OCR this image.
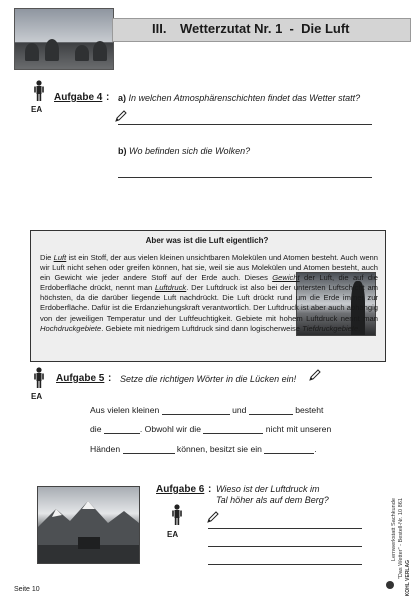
III. Wetterzutat Nr. 1  -  Die Luft
EA
Aufgabe 4 : a) In welchen Atmosphärenschichten findet das Wetter statt?
b) Wo befinden sich die Wolken?
Aber was ist die Luft eigentlich?
Die Luft ist ein Stoff, der aus vielen kleinen unsichtbaren Molekülen und Atomen besteht. Auch wenn wir Luft nicht sehen oder greifen können, hat sie, weil sie aus Molekülen und Atomen besteht, auch ein Gewicht wie jeder andere Stoff auf der Erde auch. Dieses Gewicht der Luft, die auf die Erdoberfläche drückt, nennt man Luftdruck. Der Luftdruck ist also bei der untersten Luftschicht am höchsten, da die darüber liegende Luft nachdrückt. Die Luft drückt rund um die Erde immer zur Erdoberfläche. Dafür ist die Erdanziehungskraft verantwortlich. Der Luftdruck ist aber auch abhängig von der jeweiligen Temperatur und der Luftfeuchtigkeit. Gebiete mit hohem Luftdruck nennt man Hochdruckgebiete. Gebiete mit niedrigem Luftdruck sind dann logischerweise Tiefdruckgebiete.
EA
Aufgabe 5 : Setze die richtigen Wörter in die Lücken ein!
Aus vielen kleinen	und	besteht
die	. Obwohl wir die	nicht mit unseren
Händen	können, besitzt sie ein	.
Aufgabe 6 : Wieso ist der Luftdruck im
Tal höher als auf dem Berg?
EA	Lernwerkstatt Sachkunde "Das Wetter" - Bestell-Nr. 10 861 KOHL VERLAG
Seite 10
